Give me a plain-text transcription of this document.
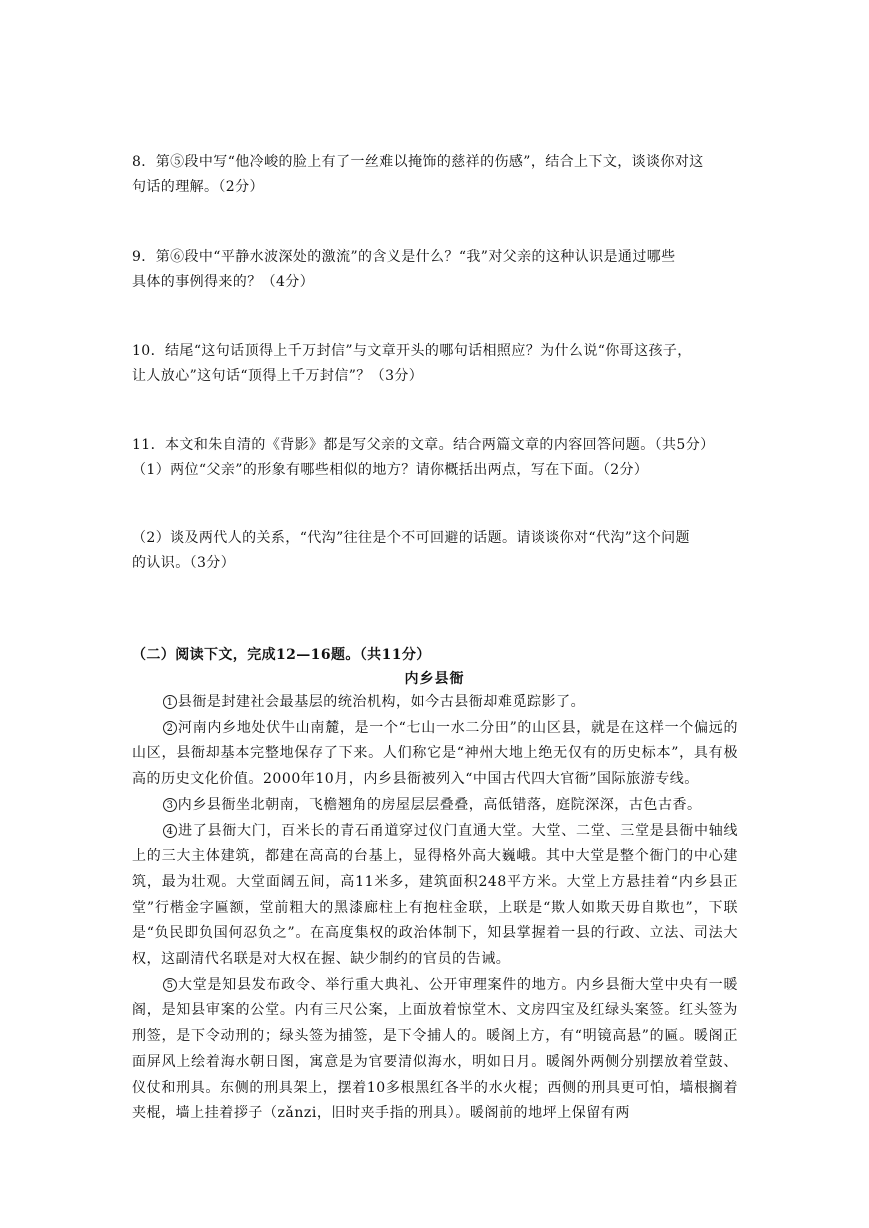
8．第⑤段中写“他冷峻的脸上有了一丝难以掩饰的慈祥的伤感”，结合上下文，谈谈你对这

句话的理解。（2分）

9．第⑥段中“平静水波深处的激流”的含义是什么？“我”对父亲的这种认识是通过哪些

具体的事例得来的？（4分）

10．结尾“这句话顶得上千万封信”与文章开头的哪句话相照应？为什么说“你哥这孩子，

让人放心”这句话“顶得上千万封信”？（3分）

11．本文和朱自清的《背影》都是写父亲的文章。结合两篇文章的内容回答问题。（共5分）

（1）两位“父亲”的形象有哪些相似的地方？请你概括出两点，写在下面。（2分）

（2）谈及两代人的关系，“代沟”往往是个不可回避的话题。请谈谈你对“代沟”这个问题

的认识。（3分）

（二）阅读下文，完成12—16题。（共11分）
内乡县衙

1 县衙是封建社会最基层的统治机构，如今古县衙却难觅踪影了。

2 河南内乡地处伏牛山南麓，是一个“七山一水二分田”的山区县，就是在这样一个偏远的山区，县衙却基本完整地保存了下来。人们称它是“神州大地上绝无仅有的历史标本”，具有极高的历史文化价值。2000年10月，内乡县衙被列入“中国古代四大官衙”国际旅游专线。

3 内乡县衙坐北朝南，飞檐翘角的房屋层层叠叠，高低错落，庭院深深，古色古香。

4 进了县衙大门，百米长的青石甬道穿过仪门直通大堂。大堂、二堂、三堂是县衙中轴线上的三大主体建筑，都建在高高的台基上，显得格外高大巍峨。其中大堂是整个衙门的中心建筑，最为壮观。大堂面阔五间，高11米多，建筑面积248平方米。大堂上方悬挂着“内乡县正堂”行楷金字匾额，堂前粗大的黑漆廊柱上有抱柱金联，上联是“欺人如欺天毋自欺也”，下联是“负民即负国何忍负之”。在高度集权的政治体制下，知县掌握着一县的行政、立法、司法大权，这副清代名联是对大权在握、缺少制约的官员的告诫。

5 大堂是知县发布政令、举行重大典礼、公开审理案件的地方。内乡县衙大堂中央有一暖阁，是知县审案的公堂。内有三尺公案，上面放着惊堂木、文房四宝及红绿头案签。红头签为刑签，是下令动刑的；绿头签为捕签，是下令捕人的。暖阁上方，有“明镜高悬”的匾。暖阁正面屏风上绘着海水朝日图，寓意是为官要清似海水，明如日月。暖阁外两侧分别摆放着堂鼓、仪仗和刑具。东侧的刑具架上，摆着10多根黑红各半的水火棍；西侧的刑具更可怕，墙根搁着夹棍，墙上挂着拶子（zǎnzi，旧时夹手指的刑具）。暖阁前的地坪上保留有两
